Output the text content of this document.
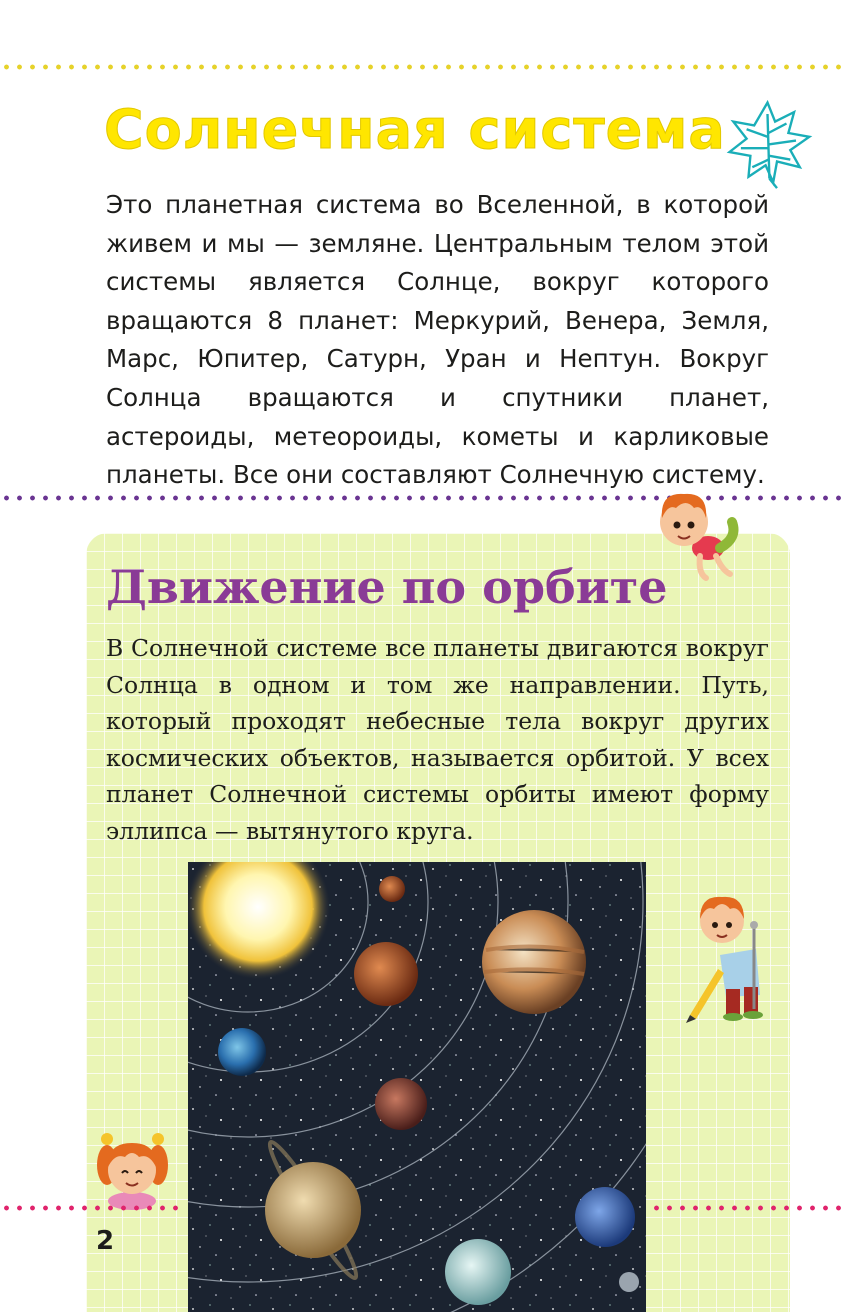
Солнечная система

Это планетная система во Вселенной, в которой живем и мы — земляне. Центральным телом этой системы является Солнце, вокруг которого вращаются 8 планет: Меркурий, Венера, Земля, Марс, Юпитер, Сатурн, Уран и Нептун. Вокруг Солнца вращаются и спутники планет, астероиды, метеороиды, кометы и карликовые планеты. Все они составляют Солнечную систему.

Движение по орбите

В Солнечной системе все планеты двигаются вокруг Солнца в одном и том же направлении. Путь, который проходят небесные тела вокруг других космических объектов, называется орбитой. У всех планет Солнечной системы орбиты имеют форму эллипса — вытянутого круга.

2
